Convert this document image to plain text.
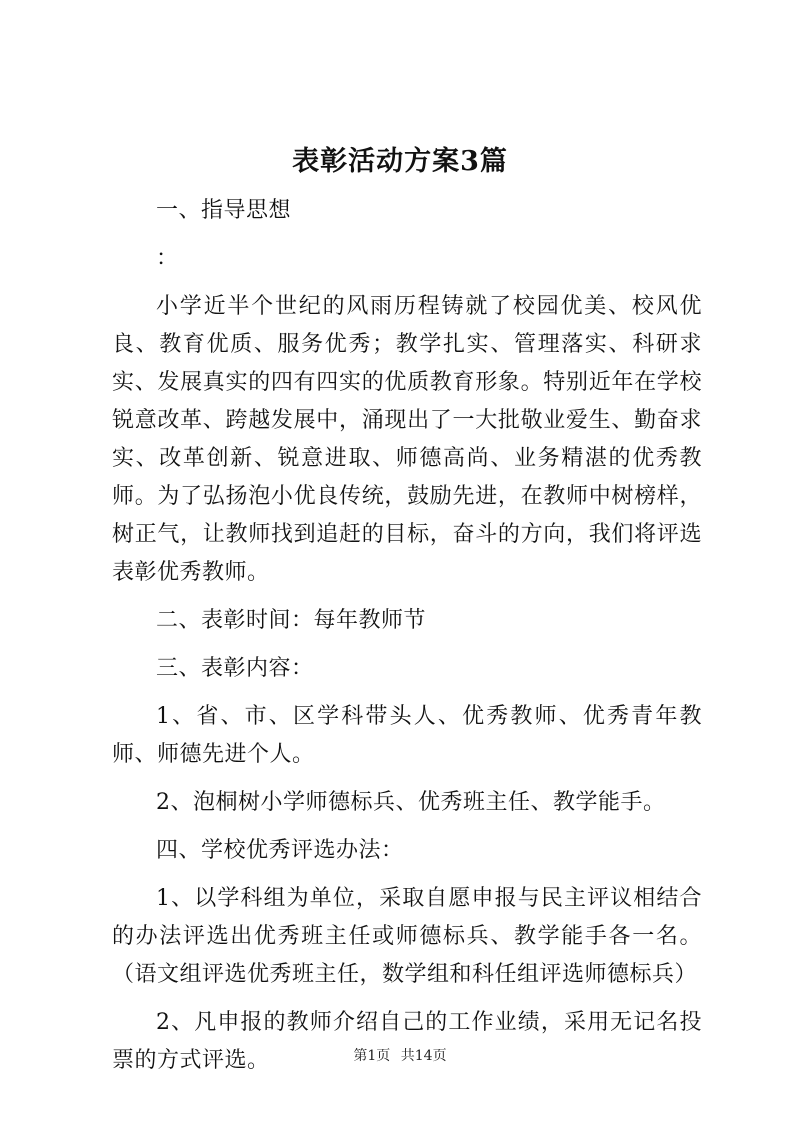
表彰活动方案3篇

一、指导思想

：

小学近半个世纪的风雨历程铸就了校园优美、校风优良、教育优质、服务优秀；教学扎实、管理落实、科研求实、发展真实的四有四实的优质教育形象。特别近年在学校锐意改革、跨越发展中，涌现出了一大批敬业爱生、勤奋求实、改革创新、锐意进取、师德高尚、业务精湛的优秀教师。为了弘扬泡小优良传统，鼓励先进，在教师中树榜样，树正气，让教师找到追赶的目标，奋斗的方向，我们将评选表彰优秀教师。

二、表彰时间：每年教师节

三、表彰内容：

1、省、市、区学科带头人、优秀教师、优秀青年教师、师德先进个人。

2、泡桐树小学师德标兵、优秀班主任、教学能手。

四、学校优秀评选办法：

1、以学科组为单位，采取自愿申报与民主评议相结合的办法评选出优秀班主任或师德标兵、教学能手各一名。（语文组评选优秀班主任，数学组和科任组评选师德标兵）

2、凡申报的教师介绍自己的工作业绩，采用无记名投票的方式评选。	第1页 共14页
